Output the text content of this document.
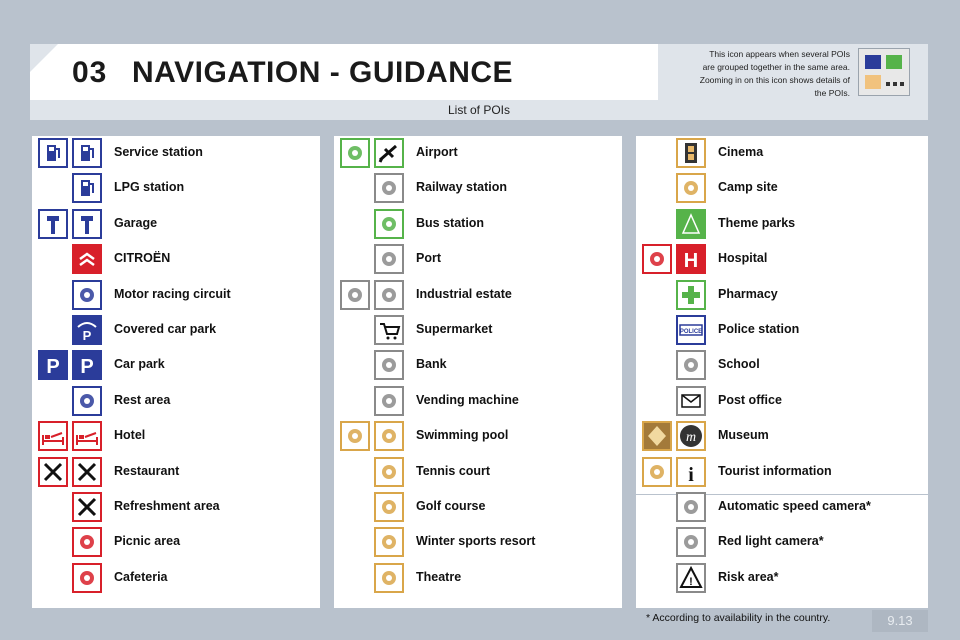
03 NAVIGATION - GUIDANCE
This icon appears when several POIs
are grouped together in the same area.
Zooming in on this icon shows details of
the POIs.
List of POIs
Service station
LPG station
Garage
CITROËN
Motor racing circuit
P Covered car park
P P Car park
Rest area
Hotel
Restaurant
Refreshment area
Picnic area
Cafeteria
Airport
Railway station
Bus station
Port
Industrial estate
Supermarket
Bank
Vending machine
Swimming pool
Tennis court
Golf course
Winter sports resort
Theatre
Cinema
Camp site
Theme parks
H Hospital
Pharmacy
POLICE Police station
School
Post office
m Museum
i Tourist information
Automatic speed camera*
Red light camera*
! Risk area*
* According to availability in the country.	9.13
